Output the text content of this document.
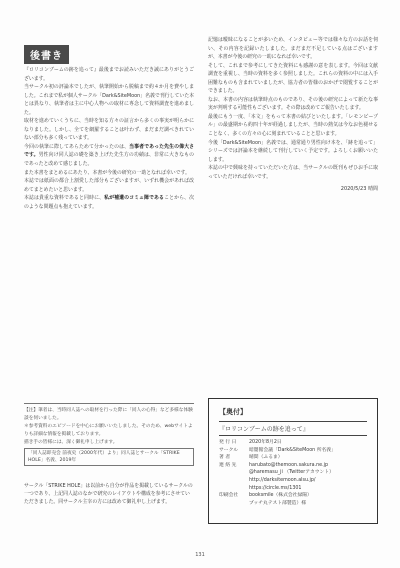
後書き

『ロリコンブームの跡を追って』最後までお読みいただき誠にありがとうございます。

当サークル初の評論本でしたが、執筆開始から脱稿まで約４か月を費やしました。これまで私が個人サークル「Dark&SiteMoon」名義で刊行していた本とは異なり、執筆者は主に中心人物への取材に専念して資料調査を進めました。

取材を進めていくうちに、当時を知る方々の証言から多くの事実が明らかになりました。しかし、全てを網羅することは叶わず、まだまだ調べきれていない部分も多く残っています。

今回の執筆に際してあらためて分かったのは、当事者であった先生の偉大さです。男性向け同人誌の礎を築き上げた先生方の功績は、非常に大きなものであったと改めて感じました。

また本書をまとめるにあたり、本書が今後の研究の一助となれば幸いです。

本誌では紙面の都合上割愛した部分もございますが、いずれ機会があれば改めてまとめたいと思います。

本誌は貴重な資料であると同時に、私が補遺のコミュ障であることから、次のような問題点も抱えています。

【注】筆者は、当時同人誌への取材を行った際に「同人の心得」など多様な体験談を伺いました。
＊参考資料のエピソードを中心にお願いいたしました。そのため、webサイトよりも詳細な情報を掲載しております。
描き手の皆様には、深く御礼申し上げます。
「同人誌即売会 前夜史（2000年代）より」同人誌とサークル「STRIKE HOLE」名義、2019年
サークル「STRIKE HOLE」は以前から自分が作品を掲載しているサークルの一つであり、上記同人誌のなかで研究のレイアウトや構成を参考にさせていただきました。同サークル主宰の方には改めて御礼申し上げます。

記憶は曖昧になることが多いため、インタビュー等では様々な方のお話を伺い、その内容を記録いたしました。まだまだ不足している点はございますが、本書が今後の研究の一助になれば幸いです。

そして、これまで参考にしてきた資料にも感謝の意を表します。今回は文献調査を重視し、当時の資料を多く参照しました。これらの資料の中には入手困難なものも含まれていましたが、協力者の皆様のおかげで閲覧することができました。

なお、本書の内容は執筆時点のものであり、その後の研究によって新たな事実が判明する可能性もございます。その際は改めてご報告いたします。

最後にもう一度、「本文」をもって本書の結びといたします。「レモンピープル」の最盛期から約四十年が経過しましたが、当時の熱気は今なお色褪せることなく、多くの方々の心に刻まれていることと思います。

今後「Dark&SiteMoon」名義では、通常通り男性向け本を、「跡を追って」シリーズでは評論本を継続して刊行していく予定です。よろしくお願いいたします。

本誌の中で興味を持っていただいた方は、当サークルの既刊もぜひお手に取っていただければ幸いです。

2020/5/23 晴間
【奥付】
『ロリコンブームの跡を追って』
発 行 日	2020年8月2日
サークル	暗闇館会議「Dark&SiteMoon 所名義」
著 者	晴間（ふるま）
連 絡 先	harubato@themoon.sakura.ne.jp
@haremasu_ji （Twitterアカウント）
http://darksitemoon.alsu.jp/
https://circle.ms/1301
印刷会社	booksmile（株式会社緑陽）
プッチ丸テスト部製造）様
131
